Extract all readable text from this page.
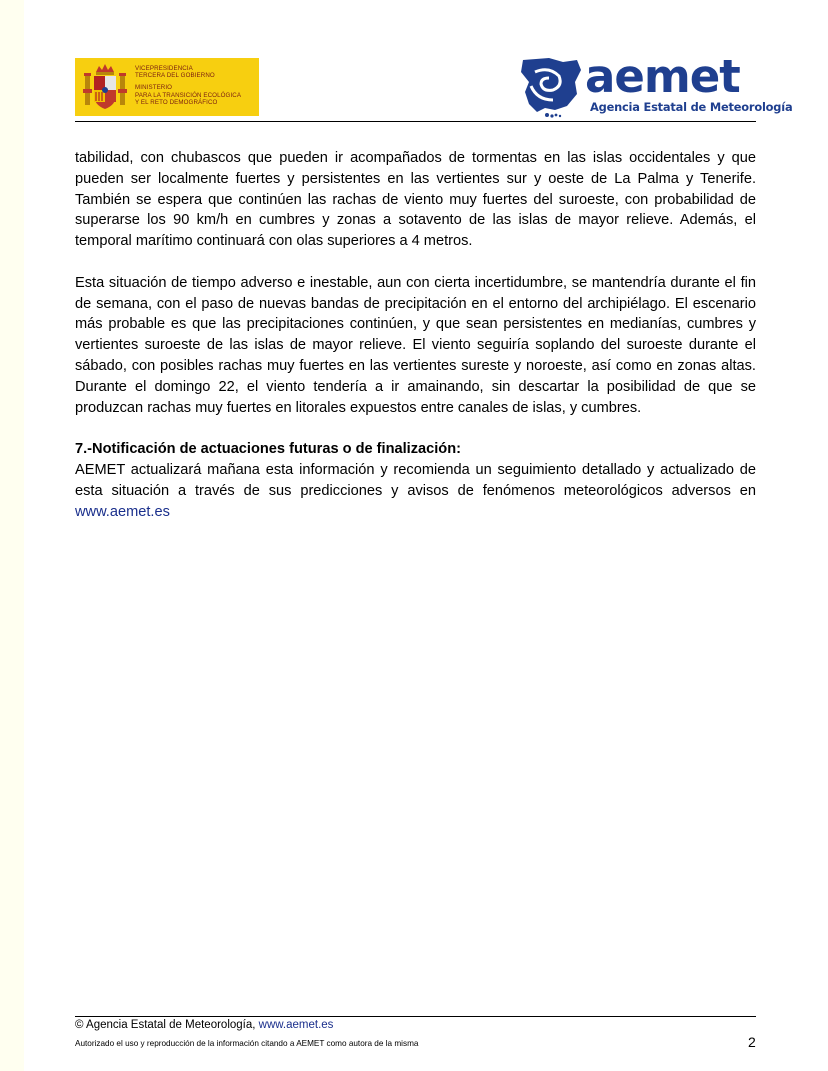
VICEPRESIDENCIA
TERCERA DEL GOBIERNO
MINISTERIO
PARA LA TRANSICIÓN ECOLÓGICA
Y EL RETO DEMOGRÁFICO	aemet
Agencia Estatal de Meteorología

tabilidad, con chubascos que pueden ir acompañados de tormentas en las islas occidentales y que pueden ser localmente fuertes y persistentes en las vertientes sur y oeste de La Palma y Tenerife. También se espera que continúen las rachas de viento muy fuertes del suroeste, con probabilidad de superarse los 90 km/h en cumbres y zonas a sotavento de las islas de mayor relieve. Además, el temporal marítimo continuará con olas superiores a 4 metros.

Esta situación de tiempo adverso e inestable, aun con cierta incertidumbre, se mantendría durante el fin de semana, con el paso de nuevas bandas de precipitación en el entorno del archipiélago. El escenario más probable es que las precipitaciones continúen, y que sean persistentes en medianías, cumbres y vertientes suroeste de las islas de mayor relieve. El viento seguiría soplando del suroeste durante el sábado, con posibles rachas muy fuertes en las vertientes sureste y noroeste, así como en zonas altas. Durante el domingo 22, el viento tendería a ir amainando, sin descartar la posibilidad de que se produzcan rachas muy fuertes en litorales expuestos entre canales de islas, y cumbres.

7.-Notificación de actuaciones futuras o de finalización:

AEMET actualizará mañana esta información y recomienda un seguimiento detallado y actualizado de esta situación a través de sus predicciones y avisos de fenómenos meteorológicos adversos en www.aemet.es

© Agencia Estatal de Meteorología, www.aemet.es
Autorizado el uso y reproducción de la información citando a AEMET como autora de la misma	2
